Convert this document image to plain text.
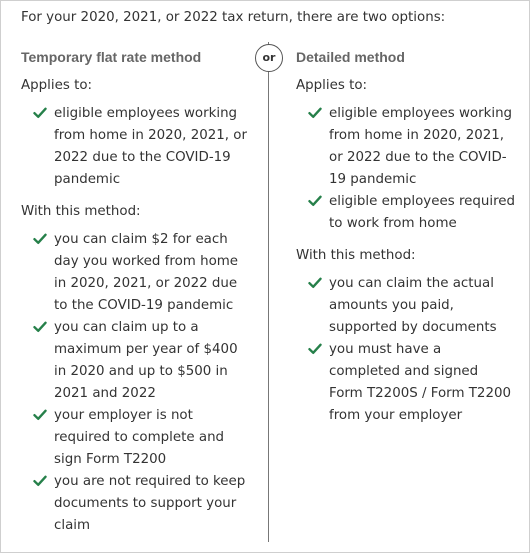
For your 2020, 2021, or 2022 tax return, there are two options:
or
Temporary flat rate method
Applies to:
eligible employees working from home in 2020, 2021, or 2022 due to the COVID-19 pandemic
With this method:
you can claim $2 for each day you worked from home in 2020, 2021, or 2022 due to the COVID-19 pandemic
you can claim up to a maximum per year of $400 in 2020 and up to $500 in 2021 and 2022
your employer is not required to complete and sign Form T2200
you are not required to keep documents to support your claim
Detailed method
Applies to:
eligible employees working from home in 2020, 2021, or 2022 due to the COVID-19 pandemic
eligible employees required to work from home
With this method:
you can claim the actual amounts you paid, supported by documents
you must have a completed and signed Form T2200S / Form T2200 from your employer
